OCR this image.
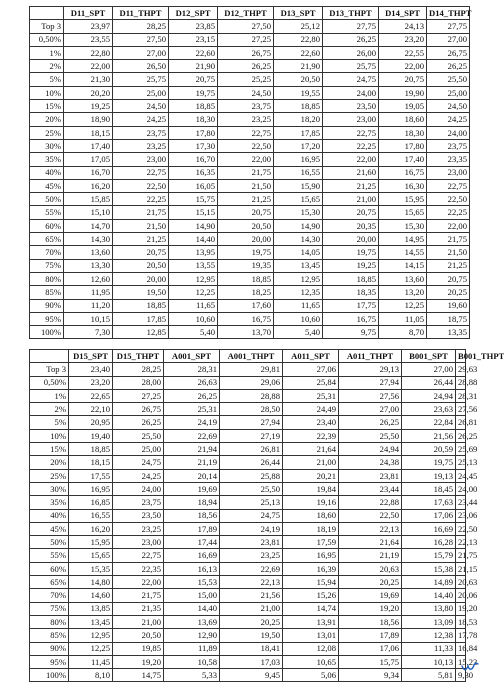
	D11_SPT	D11_THPT	D12_SPT	D12_THPT	D13_SPT	D13_THPT	D14_SPT	D14_THPT
Top 3	23,97	28,25	23,85	27,50	25,12	27,75	24,13	27,75
0,50%	23,55	27,50	23,15	27,25	22,80	26,25	23,20	27,00
1%	22,80	27,00	22,60	26,75	22,60	26,00	22,55	26,75
2%	22,00	26,50	21,90	26,25	21,90	25,75	22,00	26,25
5%	21,30	25,75	20,75	25,25	20,50	24,75	20,75	25,50
10%	20,20	25,00	19,75	24,50	19,55	24,00	19,90	25,00
15%	19,25	24,50	18,85	23,75	18,85	23,50	19,05	24,50
20%	18,90	24,25	18,30	23,25	18,20	23,00	18,60	24,25
25%	18,15	23,75	17,80	22,75	17,85	22,75	18,30	24,00
30%	17,40	23,25	17,30	22,50	17,20	22,25	17,80	23,75
35%	17,05	23,00	16,70	22,00	16,95	22,00	17,40	23,35
40%	16,70	22,75	16,35	21,75	16,55	21,60	16,75	23,00
45%	16,20	22,50	16,05	21,50	15,90	21,25	16,30	22,75
50%	15,85	22,25	15,75	21,25	15,65	21,00	15,95	22,50
55%	15,10	21,75	15,15	20,75	15,30	20,75	15,65	22,25
60%	14,70	21,50	14,90	20,50	14,90	20,35	15,30	22,00
65%	14,30	21,25	14,40	20,00	14,30	20,00	14,95	21,75
70%	13,60	20,75	13,95	19,75	14,05	19,75	14,55	21,50
75%	13,30	20,50	13,55	19,35	13,45	19,25	14,15	21,25
80%	12,60	20,00	12,95	18,85	12,95	18,85	13,60	20,75
85%	11,95	19,50	12,25	18,25	12,35	18,35	13,20	20,25
90%	11,20	18,85	11,65	17,60	11,65	17,75	12,25	19,60
95%	10,15	17,85	10,60	16,75	10,60	16,75	11,05	18,75
100%	7,30	12,85	5,40	13,70	5,40	9,75	8,70	13,35
	D15_SPT	D15_THPT	A001_SPT	A001_THPT	A011_SPT	A011_THPT	B001_SPT	B001_THPT
Top 3	23,40	28,25	28,31	29,81	27,06	29,13	27,00	29,63
0,50%	23,20	28,00	26,63	29,06	25,84	27,94	26,44	28,88
1%	22,65	27,25	26,25	28,88	25,31	27,56	24,94	28,31
2%	22,10	26,75	25,31	28,50	24,49	27,00	23,63	27,56
5%	20,95	26,25	24,19	27,94	23,40	26,25	22,84	26,81
10%	19,40	25,50	22,69	27,19	22,39	25,50	21,56	26,25
15%	18,85	25,00	21,94	26,81	21,64	24,94	20,59	25,69
20%	18,15	24,75	21,19	26,44	21,00	24,38	19,75	25,13
25%	17,55	24,25	20,14	25,88	20,21	23,81	19,13	24,45
30%	16,95	24,00	19,69	25,50	19,84	23,44	18,45	24,00
35%	16,85	23,75	18,94	25,13	19,16	22,88	17,63	23,44
40%	16,55	23,50	18,56	24,75	18,60	22,50	17,06	23,06
45%	16,20	23,25	17,89	24,19	18,19	22,13	16,69	22,50
50%	15,95	23,00	17,44	23,81	17,59	21,64	16,28	22,13
55%	15,65	22,75	16,69	23,25	16,95	21,19	15,79	21,75
60%	15,35	22,35	16,13	22,69	16,39	20,63	15,38	21,15
65%	14,80	22,00	15,53	22,13	15,94	20,25	14,89	20,63
70%	14,60	21,75	15,00	21,56	15,26	19,69	14,40	20,06
75%	13,85	21,35	14,40	21,00	14,74	19,20	13,80	19,20
80%	13,45	21,00	13,69	20,25	13,91	18,56	13,09	18,53
85%	12,95	20,50	12,90	19,50	13,01	17,89	12,38	17,78
90%	12,25	19,85	11,89	18,41	12,08	17,06	11,33	16,84
95%	11,45	19,20	10,58	17,03	10,65	15,75	10,13	15,23
100%	8,10	14,75	5,33	9,45	5,06	9,34	5,81	9,30
